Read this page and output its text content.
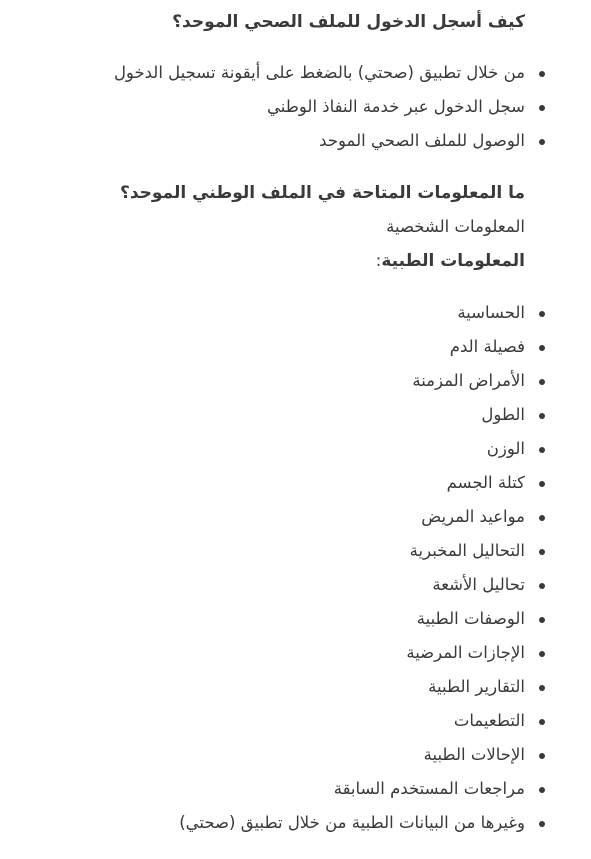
كيف أسجل الدخول للملف الصحي الموحد؟
من خلال تطبيق (صحتي) بالضغط على أيقونة تسجيل الدخول
سجل الدخول عبر خدمة النفاذ الوطني
الوصول للملف الصحي الموحد
ما المعلومات المتاحة في الملف الوطني الموحد؟

المعلومات الشخصية

المعلومات الطبية:

الحساسية
فصيلة الدم
الأمراض المزمنة
الطول
الوزن
كتلة الجسم
مواعيد المريض
التحاليل المخبرية
تحاليل الأشعة
الوصفات الطبية
الإجازات المرضية
التقارير الطبية
التطعيمات
الإحالات الطبية
مراجعات المستخدم السابقة
وغيرها من البيانات الطبية من خلال تطبيق (صحتي)
